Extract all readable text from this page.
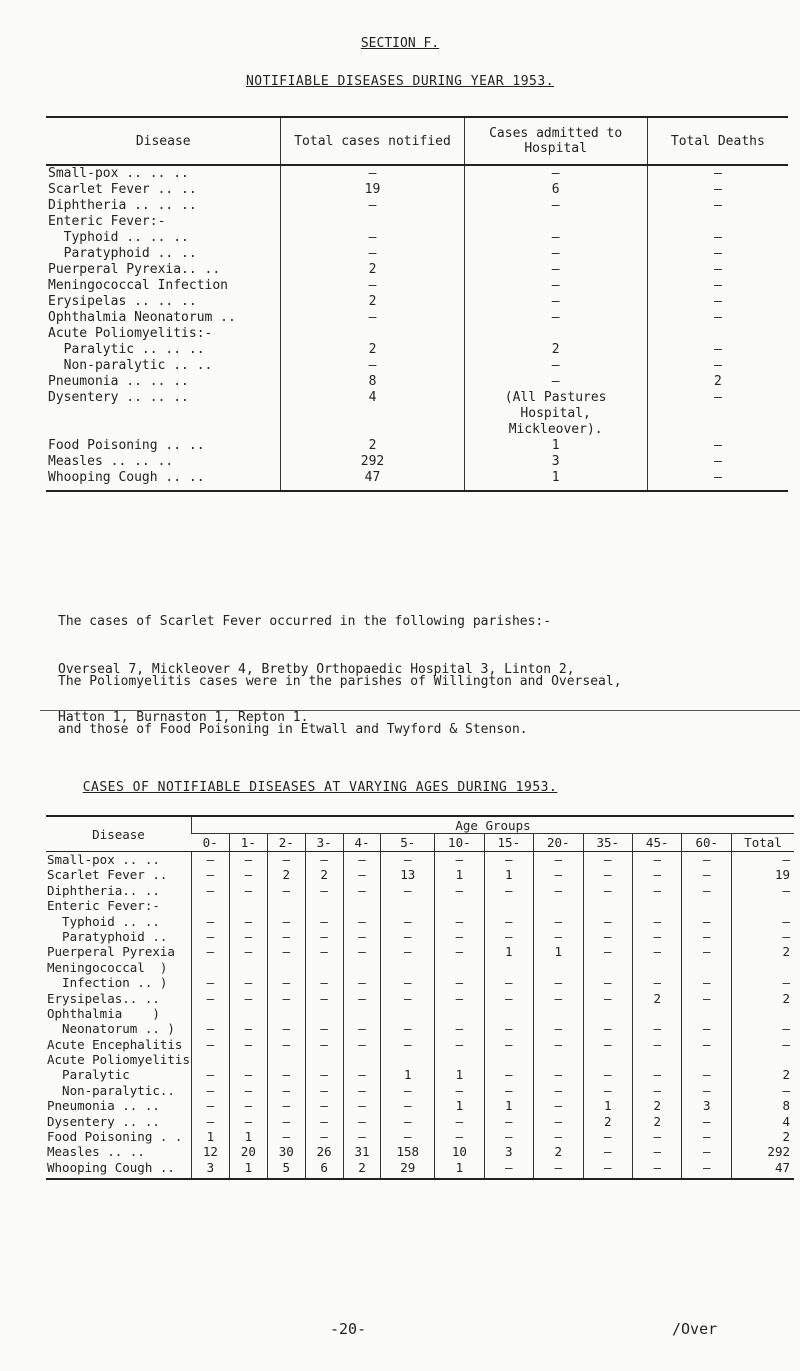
SECTION F.
NOTIFIABLE DISEASES DURING YEAR 1953.
Disease	Total cases notified	Cases admitted to Hospital	Total Deaths
Small-pox .. .. ..	–	–	–
Scarlet Fever .. ..	19	6	–
Diphtheria .. .. ..	–	–	–
Enteric Fever:-			
Typhoid .. .. ..	–	–	–
Paratyphoid .. ..	–	–	–
Puerperal Pyrexia.. ..	2	–	–
Meningococcal Infection	–	–	–
Erysipelas .. .. ..	2	–	–
Ophthalmia Neonatorum ..	–	–	–
Acute Poliomyelitis:-			
Paralytic .. .. ..	2	2	–
Non-paralytic .. ..	–	–	–
Pneumonia .. .. ..	8	–	2
Dysentery .. .. ..	4	(All Pastures	–
		Hospital,	
		Mickleover).	
Food Poisoning .. ..	2	1	–
Measles .. .. ..	292	3	–
Whooping Cough .. ..	47	1	–

The cases of Scarlet Fever occurred in the following parishes:-

Overseal 7, Mickleover 4, Bretby Orthopaedic Hospital 3, Linton 2,

Hatton 1, Burnaston 1, Repton 1.

The Poliomyelitis cases were in the parishes of Willington and Overseal,

and those of Food Poisoning in Etwall and Twyford & Stenson.

CASES OF NOTIFIABLE DISEASES AT VARYING AGES DURING 1953.
Disease	Age Groups												
	0-	1-	2-	3-	4-	5-	10-	15-	20-	35-	45-	60-	Total
Small-pox .. ..	–	–	–	–	–	–	–	–	–	–	–	–	–
Scarlet Fever ..	–	–	2	2	–	13	1	1	–	–	–	–	19
Diphtheria.. ..	–	–	–	–	–	–	–	–	–	–	–	–	–
Enteric Fever:-													
Typhoid .. ..	–	–	–	–	–	–	–	–	–	–	–	–	–
Paratyphoid ..	–	–	–	–	–	–	–	–	–	–	–	–	–
Puerperal Pyrexia	–	–	–	–	–	–	–	1	1	–	–	–	2
Meningococcal  )													
Infection .. )	–	–	–	–	–	–	–	–	–	–	–	–	–
Erysipelas.. ..	–	–	–	–	–	–	–	–	–	–	2	–	2
Ophthalmia    )													
Neonatorum .. )	–	–	–	–	–	–	–	–	–	–	–	–	–
Acute Encephalitis	–	–	–	–	–	–	–	–	–	–	–	–	–
Acute Poliomyelitis													
Paralytic	–	–	–	–	–	1	1	–	–	–	–	–	2
Non-paralytic..	–	–	–	–	–	–	–	–	–	–	–	–	–
Pneumonia .. ..	–	–	–	–	–	–	1	1	–	1	2	3	8
Dysentery .. ..	–	–	–	–	–	–	–	–	–	2	2	–	4
Food Poisoning . .	1	1	–	–	–	–	–	–	–	–	–	–	2
Measles .. ..	12	20	30	26	31	158	10	3	2	–	–	–	292
Whooping Cough ..	3	1	5	6	2	29	1	–	–	–	–	–	47
-20-	/Over
